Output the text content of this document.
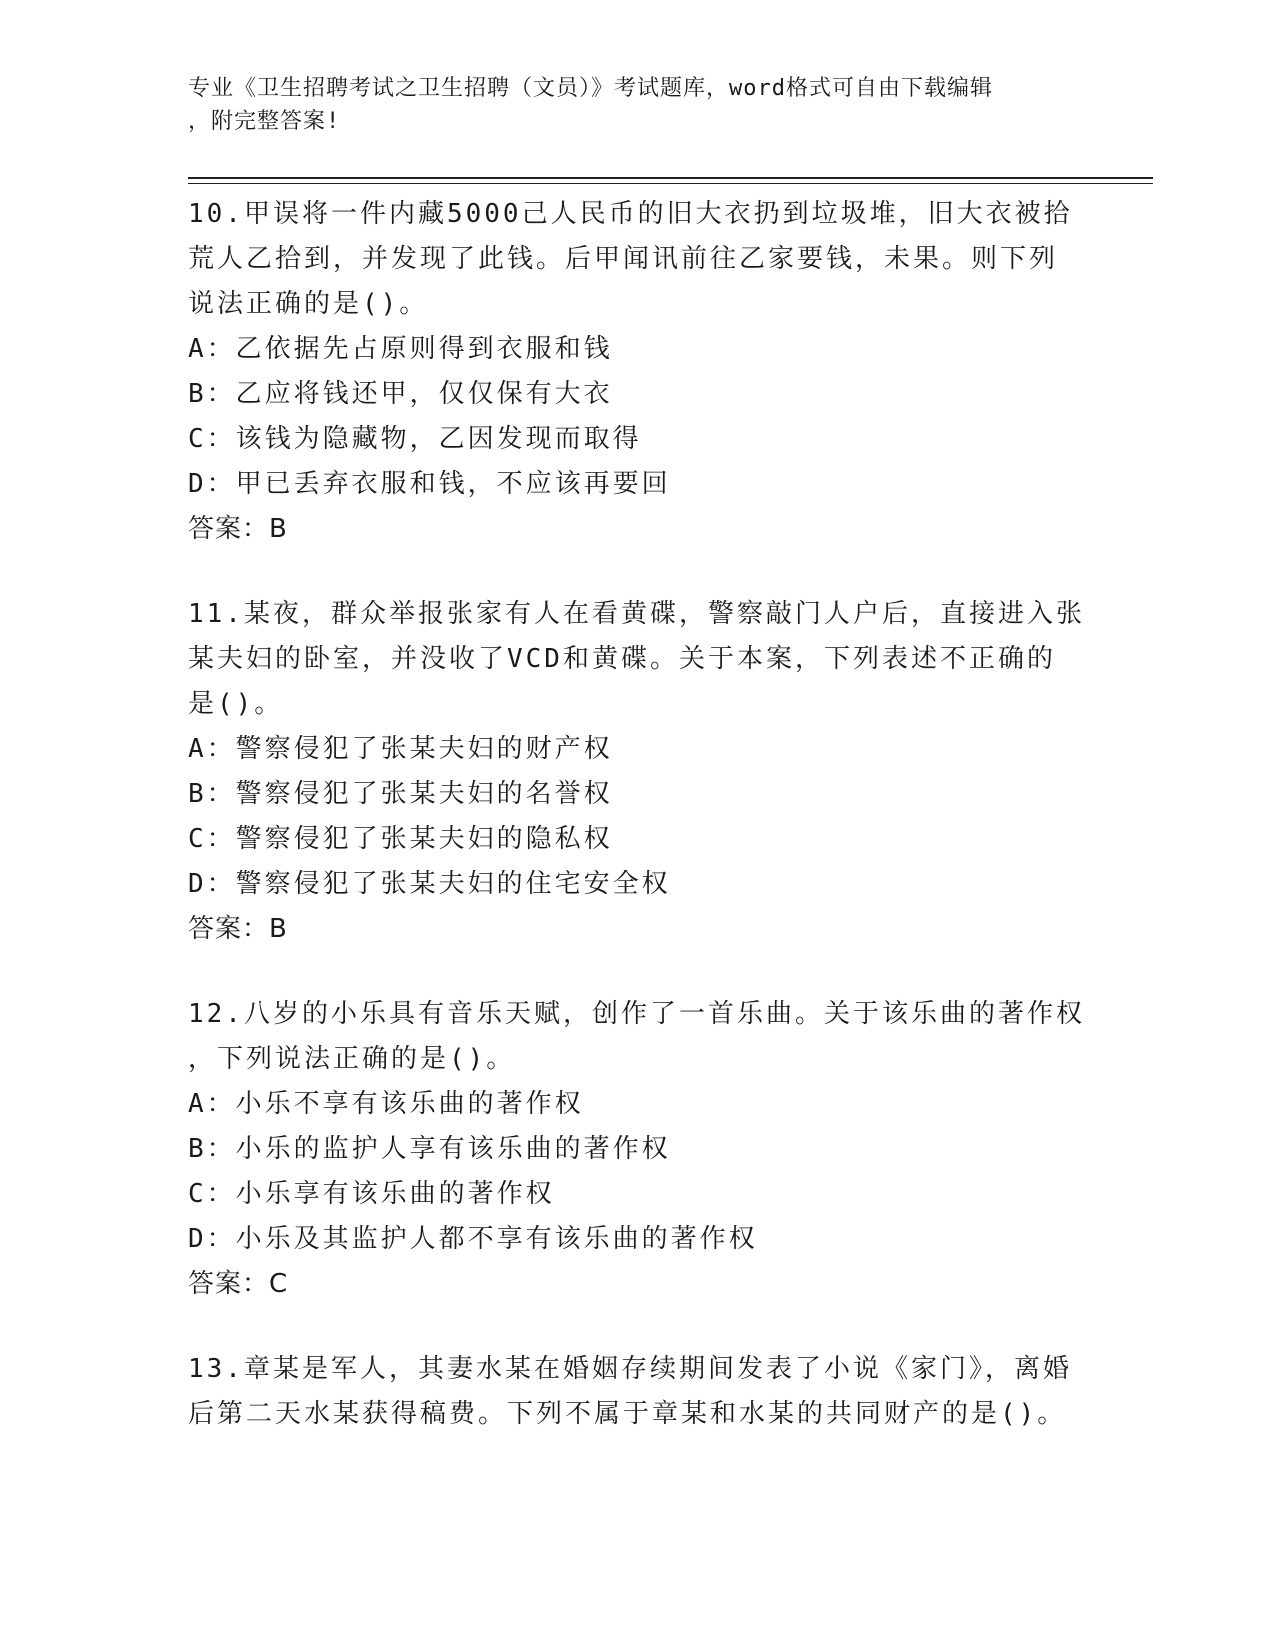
专业《卫生招聘考试之卫生招聘（文员）》考试题库，word格式可自由下载编辑
，附完整答案!
10.甲误将一件内藏5000己人民币的旧大衣扔到垃圾堆，旧大衣被拾
荒人乙拾到，并发现了此钱。后甲闻讯前往乙家要钱，未果。则下列
说法正确的是()。
A：乙依据先占原则得到衣服和钱
B：乙应将钱还甲，仅仅保有大衣
C：该钱为隐藏物，乙因发现而取得
D：甲已丢弃衣服和钱，不应该再要回
答案：B
11.某夜，群众举报张家有人在看黄碟，警察敲门人户后，直接进入张
某夫妇的卧室，并没收了VCD和黄碟。关于本案，下列表述不正确的
是()。
A：警察侵犯了张某夫妇的财产权
B：警察侵犯了张某夫妇的名誉权
C：警察侵犯了张某夫妇的隐私权
D：警察侵犯了张某夫妇的住宅安全权
答案：B
12.八岁的小乐具有音乐天赋，创作了一首乐曲。关于该乐曲的著作权
，下列说法正确的是()。
A：小乐不享有该乐曲的著作权
B：小乐的监护人享有该乐曲的著作权
C：小乐享有该乐曲的著作权
D：小乐及其监护人都不享有该乐曲的著作权
答案：C
13.章某是军人，其妻水某在婚姻存续期间发表了小说《家门》，离婚
后第二天水某获得稿费。下列不属于章某和水某的共同财产的是()。
